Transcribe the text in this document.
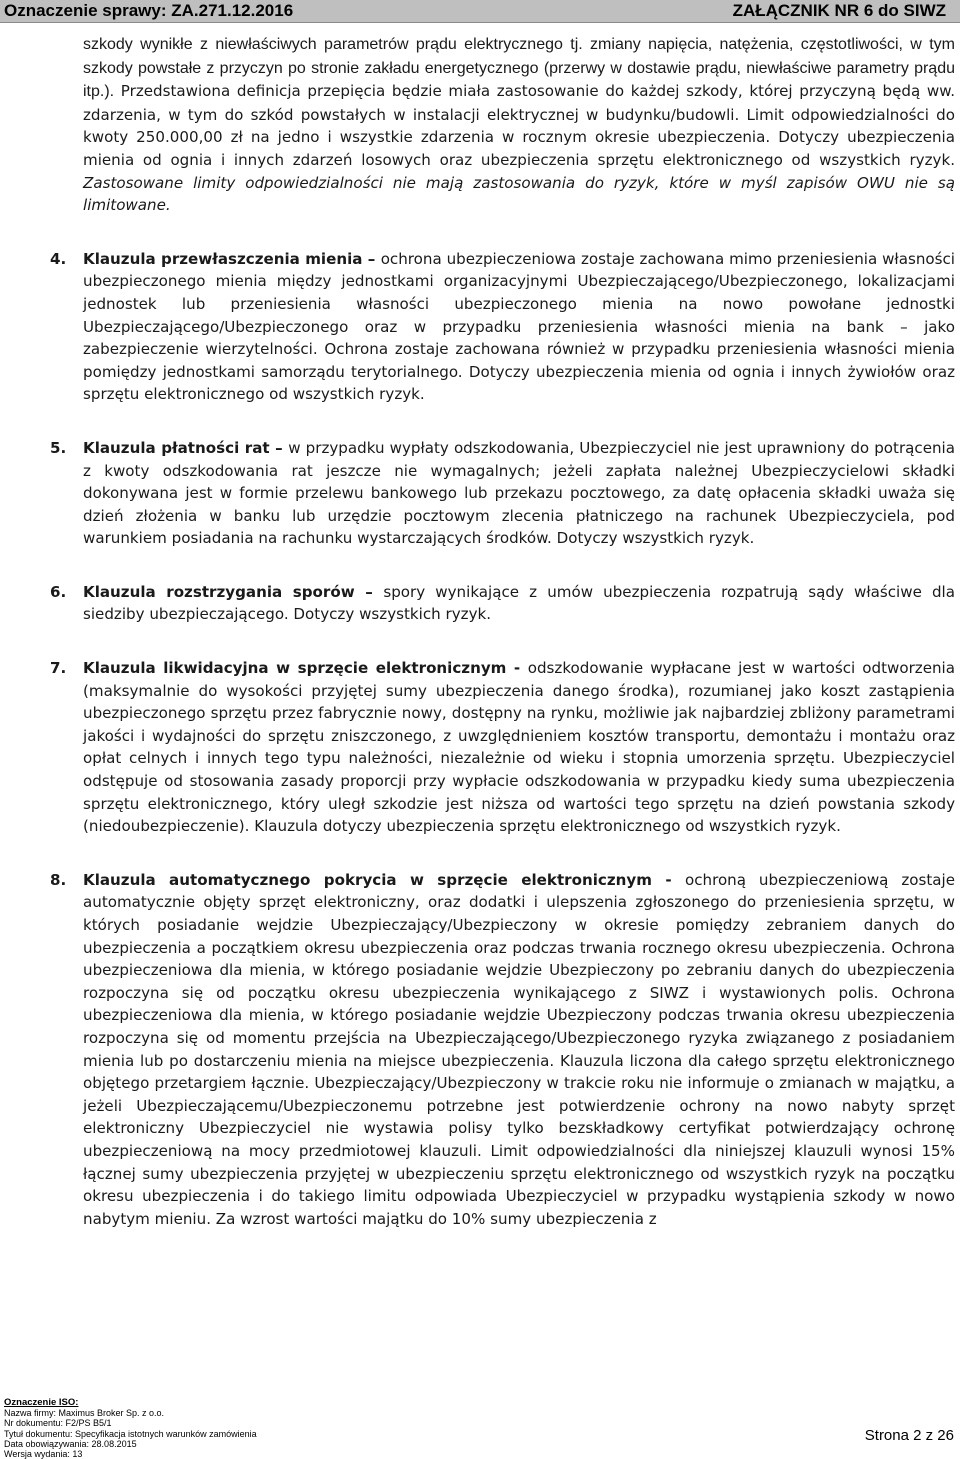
Oznaczenie sprawy: ZA.271.12.2016	ZAŁĄCZNIK NR 6 do SIWZ

szkody wynikłe z niewłaściwych parametrów prądu elektrycznego tj. zmiany napięcia, natężenia, częstotliwości, w tym szkody powstałe z przyczyn po stronie zakładu energetycznego (przerwy w dostawie prądu, niewłaściwe parametry prądu itp.). Przedstawiona definicja przepięcia będzie miała zastosowanie do każdej szkody, której przyczyną będą ww. zdarzenia, w tym do szkód powstałych w instalacji elektrycznej w budynku/budowli. Limit odpowiedzialności do kwoty 250.000,00 zł na jedno i wszystkie zdarzenia w rocznym okresie ubezpieczenia. Dotyczy ubezpieczenia mienia od ognia i innych zdarzeń losowych oraz ubezpieczenia sprzętu elektronicznego od wszystkich ryzyk. Zastosowane limity odpowiedzialności nie mają zastosowania do ryzyk, które w myśl zapisów OWU nie są limitowane.

4. Klauzula przewłaszczenia mienia – ochrona ubezpieczeniowa zostaje zachowana mimo przeniesienia własności ubezpieczonego mienia między jednostkami organizacyjnymi Ubezpieczającego/Ubezpieczonego, lokalizacjami jednostek lub przeniesienia własności ubezpieczonego mienia na nowo powołane jednostki Ubezpieczającego/Ubezpieczonego oraz w przypadku przeniesienia własności mienia na bank – jako zabezpieczenie wierzytelności. Ochrona zostaje zachowana również w przypadku przeniesienia własności mienia pomiędzy jednostkami samorządu terytorialnego. Dotyczy ubezpieczenia mienia od ognia i innych żywiołów oraz sprzętu elektronicznego od wszystkich ryzyk.

5. Klauzula płatności rat – w przypadku wypłaty odszkodowania, Ubezpieczyciel nie jest uprawniony do potrącenia z kwoty odszkodowania rat jeszcze nie wymagalnych; jeżeli zapłata należnej Ubezpieczycielowi składki dokonywana jest w formie przelewu bankowego lub przekazu pocztowego, za datę opłacenia składki uważa się dzień złożenia w banku lub urzędzie pocztowym zlecenia płatniczego na rachunek Ubezpieczyciela, pod warunkiem posiadania na rachunku wystarczających środków. Dotyczy wszystkich ryzyk.

6. Klauzula rozstrzygania sporów – spory wynikające z umów ubezpieczenia rozpatrują sądy właściwe dla siedziby ubezpieczającego. Dotyczy wszystkich ryzyk.

7. Klauzula likwidacyjna w sprzęcie elektronicznym - odszkodowanie wypłacane jest w wartości odtworzenia (maksymalnie do wysokości przyjętej sumy ubezpieczenia danego środka), rozumianej jako koszt zastąpienia ubezpieczonego sprzętu przez fabrycznie nowy, dostępny na rynku, możliwie jak najbardziej zbliżony parametrami jakości i wydajności do sprzętu zniszczonego, z uwzględnieniem kosztów transportu, demontażu i montażu oraz opłat celnych i innych tego typu należności, niezależnie od wieku i stopnia umorzenia sprzętu. Ubezpieczyciel odstępuje od stosowania zasady proporcji przy wypłacie odszkodowania w przypadku kiedy suma ubezpieczenia sprzętu elektronicznego, który uległ szkodzie jest niższa od wartości tego sprzętu na dzień powstania szkody (niedoubezpieczenie). Klauzula dotyczy ubezpieczenia sprzętu elektronicznego od wszystkich ryzyk.

8. Klauzula automatycznego pokrycia w sprzęcie elektronicznym - ochroną ubezpieczeniową zostaje automatycznie objęty sprzęt elektroniczny, oraz dodatki i ulepszenia zgłoszonego do przeniesienia sprzętu, w których posiadanie wejdzie Ubezpieczający/Ubezpieczony w okresie pomiędzy zebraniem danych do ubezpieczenia a początkiem okresu ubezpieczenia oraz podczas trwania rocznego okresu ubezpieczenia. Ochrona ubezpieczeniowa dla mienia, w którego posiadanie wejdzie Ubezpieczony po zebraniu danych do ubezpieczenia rozpoczyna się od początku okresu ubezpieczenia wynikającego z SIWZ i wystawionych polis. Ochrona ubezpieczeniowa dla mienia, w którego posiadanie wejdzie Ubezpieczony podczas trwania okresu ubezpieczenia rozpoczyna się od momentu przejścia na Ubezpieczającego/Ubezpieczonego ryzyka związanego z posiadaniem mienia lub po dostarczeniu mienia na miejsce ubezpieczenia. Klauzula liczona dla całego sprzętu elektronicznego objętego przetargiem łącznie. Ubezpieczający/Ubezpieczony w trakcie roku nie informuje o zmianach w majątku, a jeżeli Ubezpieczającemu/Ubezpieczonemu potrzebne jest potwierdzenie ochrony na nowo nabyty sprzęt elektroniczny Ubezpieczyciel nie wystawia polisy tylko bezskładkowy certyfikat potwierdzający ochronę ubezpieczeniową na mocy przedmiotowej klauzuli. Limit odpowiedzialności dla niniejszej klauzuli wynosi 15% łącznej sumy ubezpieczenia przyjętej w ubezpieczeniu sprzętu elektronicznego od wszystkich ryzyk na początku okresu ubezpieczenia i do takiego limitu odpowiada Ubezpieczyciel w przypadku wystąpienia szkody w nowo nabytym mieniu. Za wzrost wartości majątku do 10% sumy ubezpieczenia z

Oznaczenie ISO:
Nazwa firmy: Maximus Broker Sp. z o.o.
Nr dokumentu: F2/PS B5/1
Tytuł dokumentu: Specyfikacja istotnych warunków zamówienia
Data obowiązywania: 28.08.2015
Wersja wydania: 13
Strona 2 z 26
